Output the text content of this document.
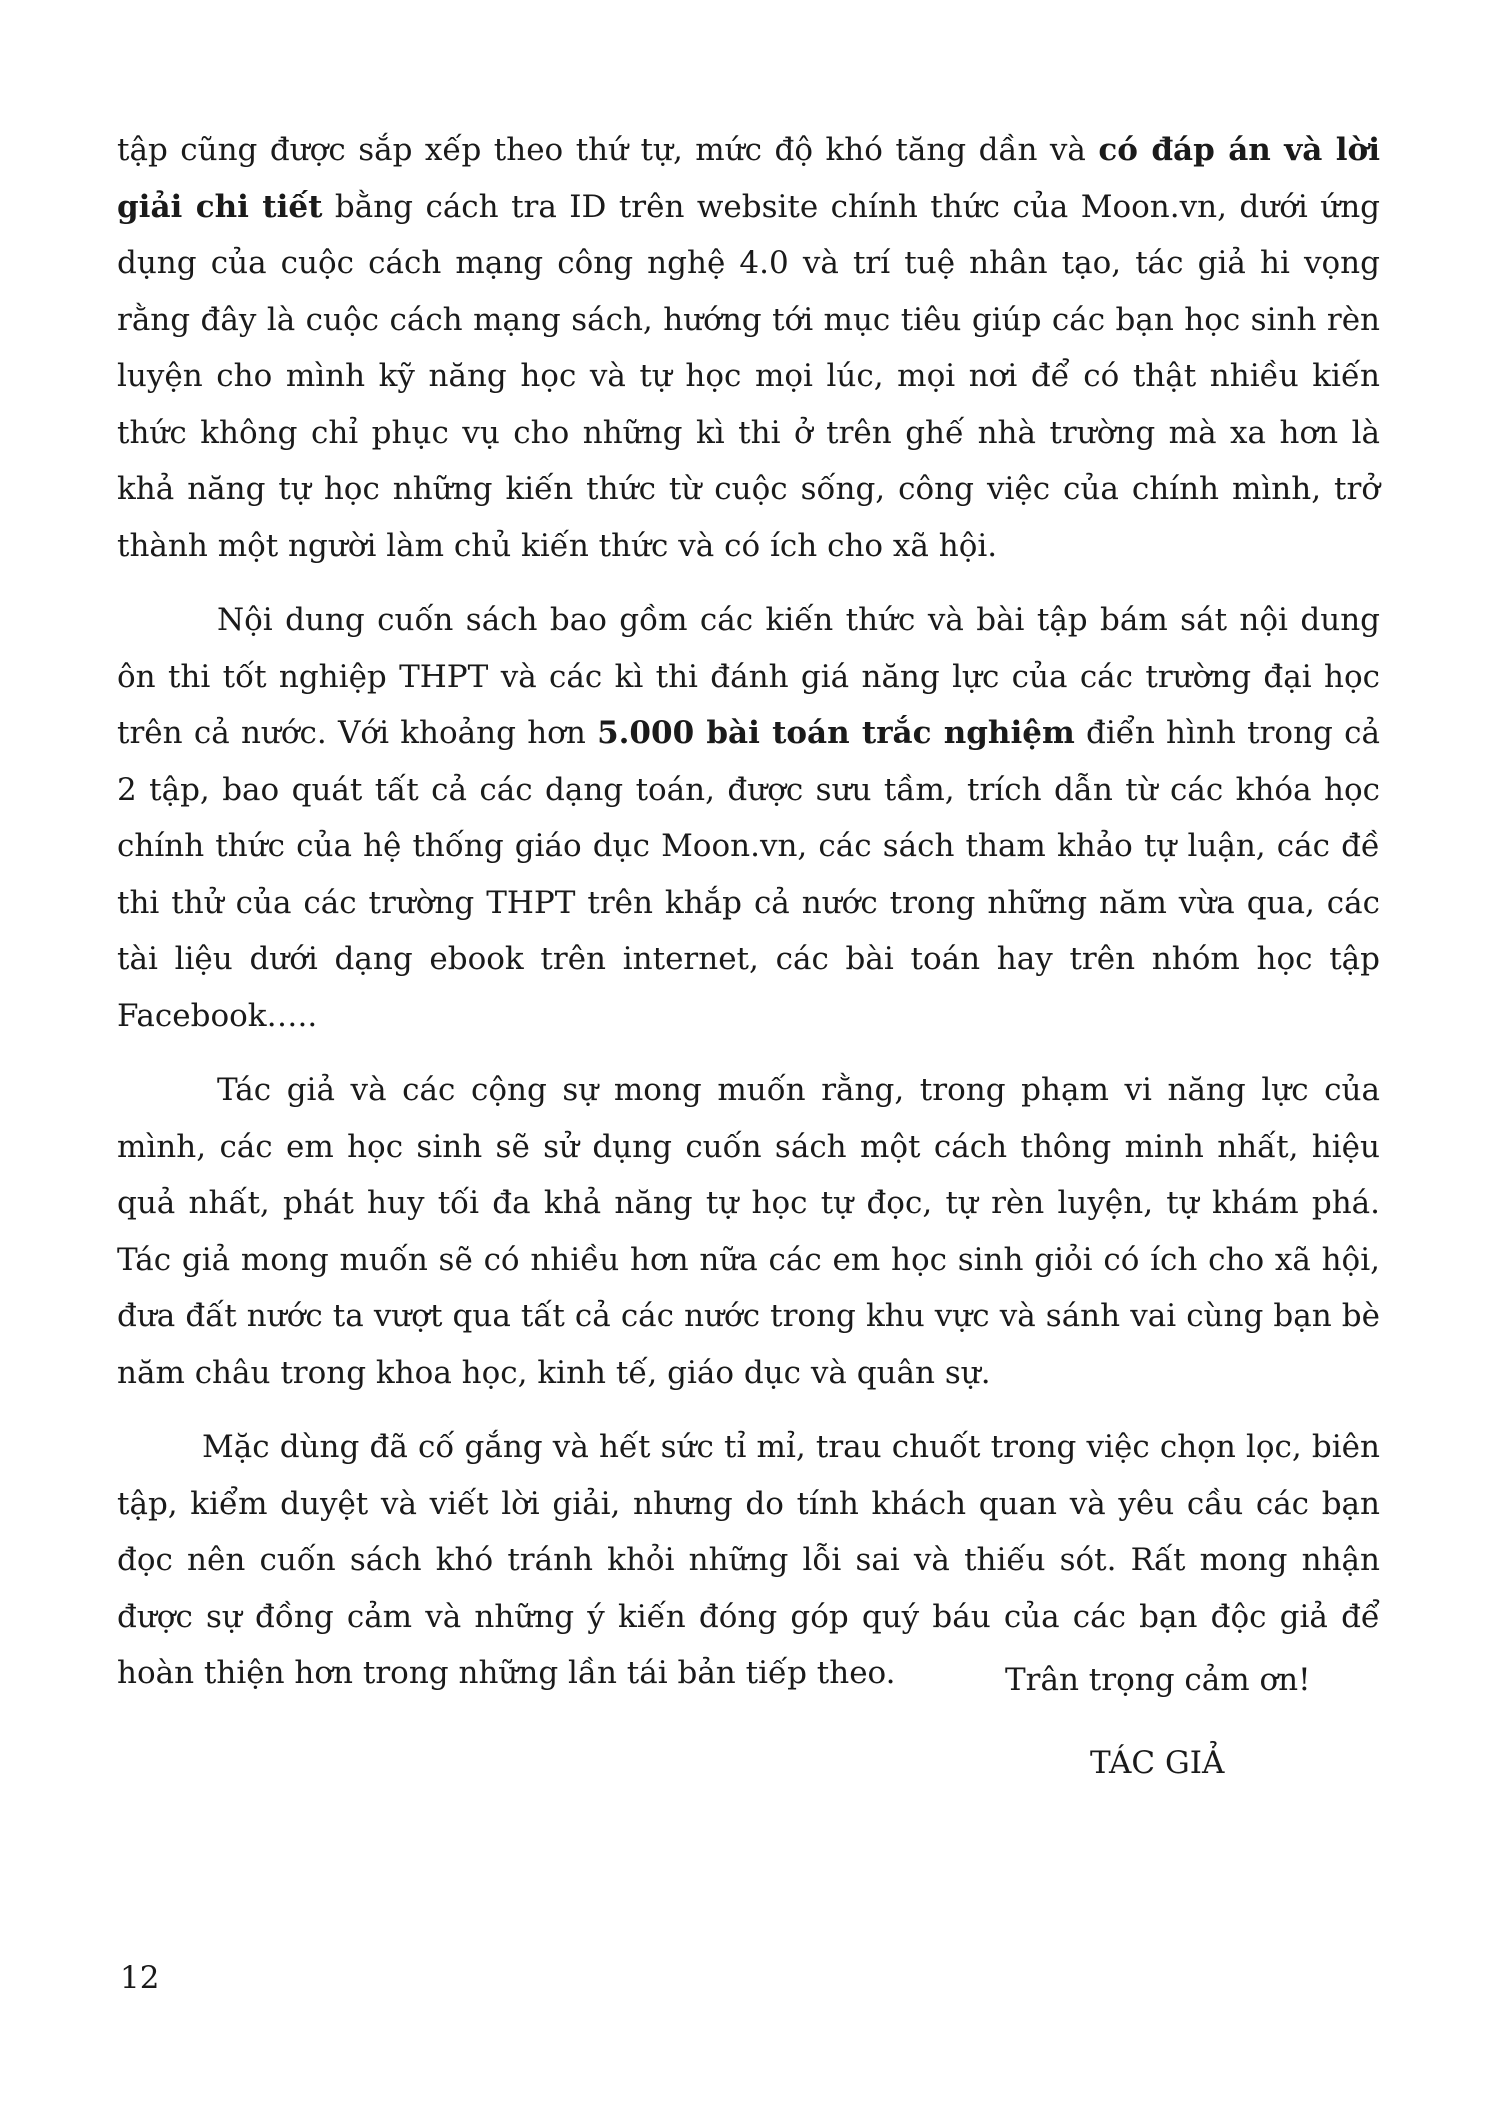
tập cũng được sắp xếp theo thứ tự, mức độ khó tăng dần và có đáp án và lời giải chi tiết bằng cách tra ID trên website chính thức của Moon.vn, dưới ứng dụng của cuộc cách mạng công nghệ 4.0 và trí tuệ nhân tạo, tác giả hi vọng rằng đây là cuộc cách mạng sách, hướng tới mục tiêu giúp các bạn học sinh rèn luyện cho mình kỹ năng học và tự học mọi lúc, mọi nơi để có thật nhiều kiến thức không chỉ phục vụ cho những kì thi ở trên ghế nhà trường mà xa hơn là khả năng tự học những kiến thức từ cuộc sống, công việc của chính mình, trở thành một người làm chủ kiến thức và có ích cho xã hội.

Nội dung cuốn sách bao gồm các kiến thức và bài tập bám sát nội dung ôn thi tốt nghiệp THPT và các kì thi đánh giá năng lực của các trường đại học trên cả nước. Với khoảng hơn 5.000 bài toán trắc nghiệm điển hình trong cả 2 tập, bao quát tất cả các dạng toán, được sưu tầm, trích dẫn từ các khóa học chính thức của hệ thống giáo dục Moon.vn, các sách tham khảo tự luận, các đề thi thử của các trường THPT trên khắp cả nước trong những năm vừa qua, các tài liệu dưới dạng ebook trên internet, các bài toán hay trên nhóm học tập Facebook…..

Tác giả và các cộng sự mong muốn rằng, trong phạm vi năng lực của mình, các em học sinh sẽ sử dụng cuốn sách một cách thông minh nhất, hiệu quả nhất, phát huy tối đa khả năng tự học tự đọc, tự rèn luyện, tự khám phá. Tác giả mong muốn sẽ có nhiều hơn nữa các em học sinh giỏi có ích cho xã hội, đưa đất nước ta vượt qua tất cả các nước trong khu vực và sánh vai cùng bạn bè năm châu trong khoa học, kinh tế, giáo dục và quân sự.

Mặc dùng đã cố gắng và hết sức tỉ mỉ, trau chuốt trong việc chọn lọc, biên tập, kiểm duyệt và viết lời giải, nhưng do tính khách quan và yêu cầu các bạn đọc nên cuốn sách khó tránh khỏi những lỗi sai và thiếu sót. Rất mong nhận được sự đồng cảm và những ý kiến đóng góp quý báu của các bạn độc giả để hoàn thiện hơn trong những lần tái bản tiếp theo.	Trân trọng cảm ơn!

TÁC GIẢ

12
